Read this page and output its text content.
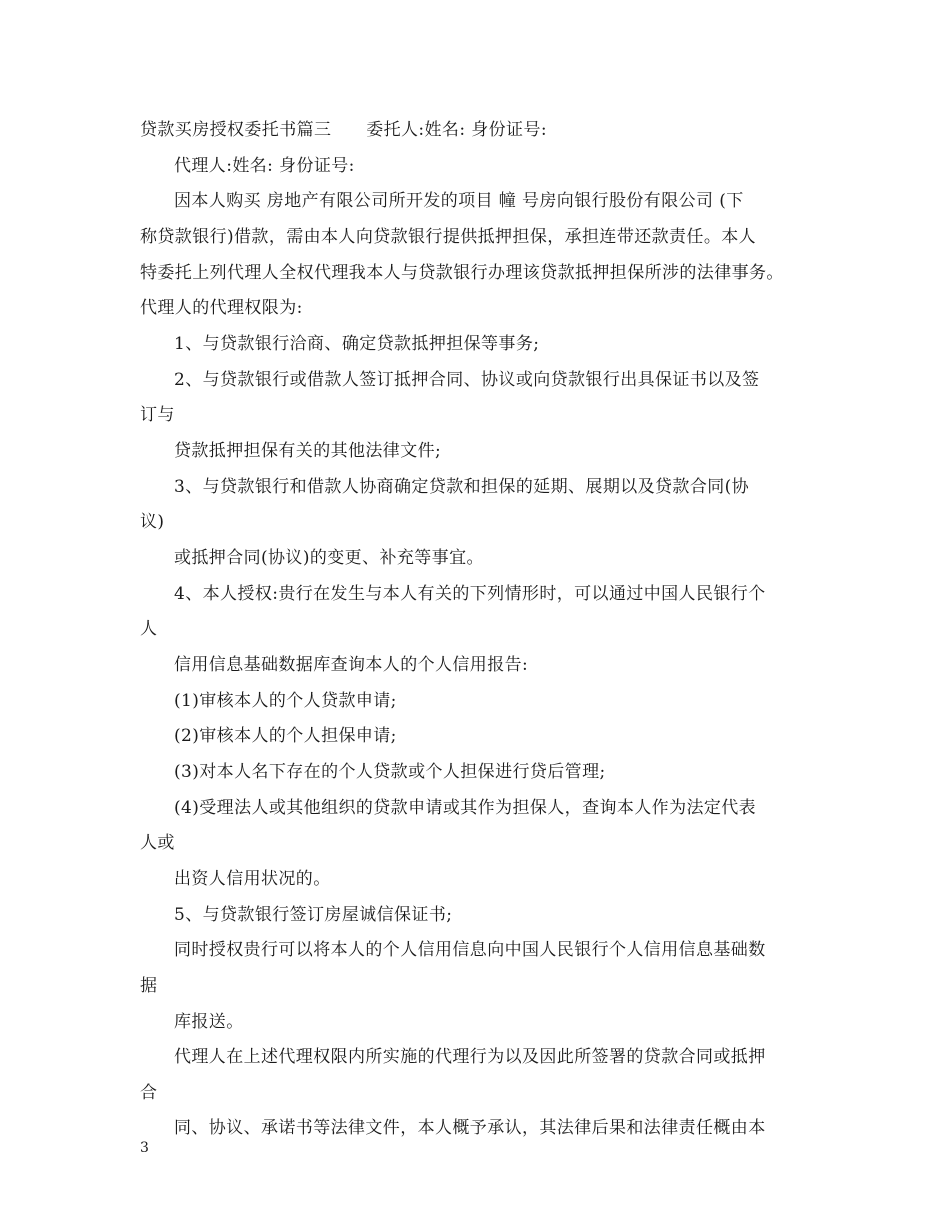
贷款买房授权委托书篇三　　委托人:姓名: 身份证号:
代理人:姓名: 身份证号:
因本人购买 房地产有限公司所开发的项目 幢 号房向银行股份有限公司 (下
称贷款银行)借款，需由本人向贷款银行提供抵押担保，承担连带还款责任。本人
特委托上列代理人全权代理我本人与贷款银行办理该贷款抵押担保所涉的法律事务。
代理人的代理权限为:
1、与贷款银行洽商、确定贷款抵押担保等事务;
2、与贷款银行或借款人签订抵押合同、协议或向贷款银行出具保证书以及签
订与
贷款抵押担保有关的其他法律文件;
3、与贷款银行和借款人协商确定贷款和担保的延期、展期以及贷款合同(协
议)
或抵押合同(协议)的变更、补充等事宜。
4、本人授权:贵行在发生与本人有关的下列情形时，可以通过中国人民银行个
人
信用信息基础数据库查询本人的个人信用报告:
(1)审核本人的个人贷款申请;
(2)审核本人的个人担保申请;
(3)对本人名下存在的个人贷款或个人担保进行贷后管理;
(4)受理法人或其他组织的贷款申请或其作为担保人，查询本人作为法定代表
人或
出资人信用状况的。
5、与贷款银行签订房屋诚信保证书;
同时授权贵行可以将本人的个人信用信息向中国人民银行个人信用信息基础数
据
库报送。
代理人在上述代理权限内所实施的代理行为以及因此所签署的贷款合同或抵押
合
同、协议、承诺书等法律文件，本人概予承认，其法律后果和法律责任概由本
3
